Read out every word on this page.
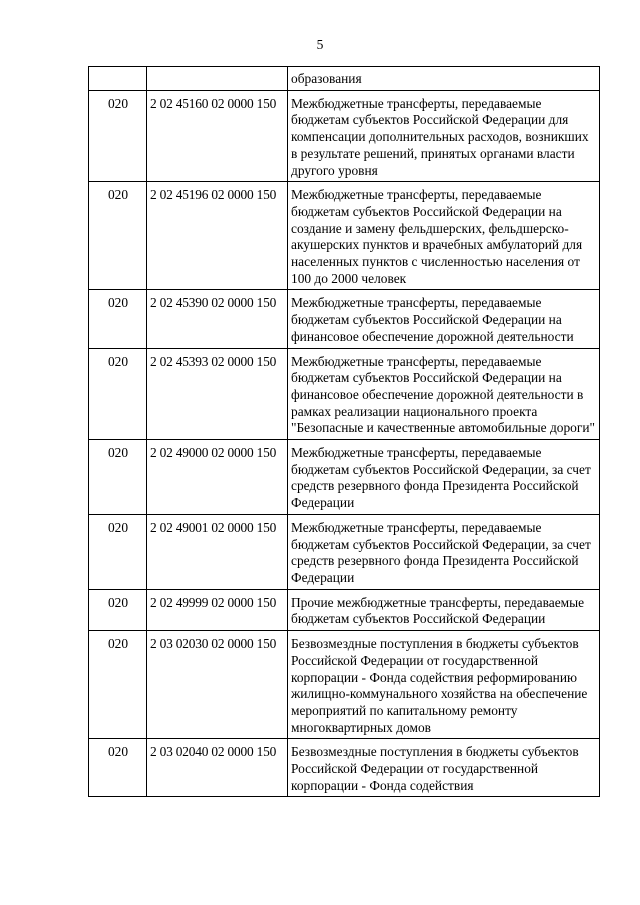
5
		образования
020	2 02 45160 02 0000 150	Межбюджетные трансферты, передаваемые бюджетам субъектов Российской Федерации для компенсации дополнительных расходов, возникших в результате решений, принятых органами власти другого уровня
020	2 02 45196 02 0000 150	Межбюджетные трансферты, передаваемые бюджетам субъектов Российской Федерации на создание и замену фельдшерских, фельдшерско-акушерских пунктов и врачебных амбулаторий для населенных пунктов с численностью населения от 100 до 2000 человек
020	2 02 45390 02 0000 150	Межбюджетные трансферты, передаваемые бюджетам субъектов Российской Федерации на финансовое обеспечение дорожной деятельности
020	2 02 45393 02 0000 150	Межбюджетные трансферты, передаваемые бюджетам субъектов Российской Федерации на финансовое обеспечение дорожной деятельности в рамках реализации национального проекта "Безопасные и качественные автомобильные дороги"
020	2 02 49000 02 0000 150	Межбюджетные трансферты, передаваемые бюджетам субъектов Российской Федерации, за счет средств резервного фонда Президента Российской Федерации
020	2 02 49001 02 0000 150	Межбюджетные трансферты, передаваемые бюджетам субъектов Российской Федерации, за счет средств резервного фонда Президента Российской Федерации
020	2 02 49999 02 0000 150	Прочие межбюджетные трансферты, передаваемые бюджетам субъектов Российской Федерации
020	2 03 02030 02 0000 150	Безвозмездные поступления в бюджеты субъектов Российской Федерации от государственной корпорации - Фонда содействия реформированию жилищно-коммунального хозяйства на обеспечение мероприятий по капитальному ремонту многоквартирных домов
020	2 03 02040 02 0000 150	Безвозмездные поступления в бюджеты субъектов Российской Федерации от государственной корпорации - Фонда содействия
